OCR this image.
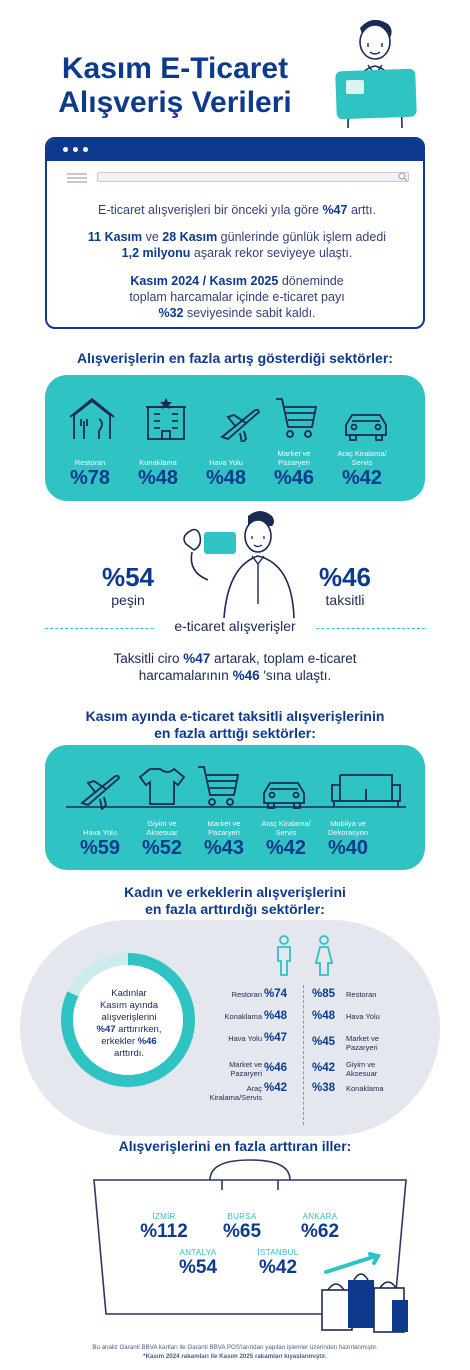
Kasım E-Ticaret
Alışveriş Verileri
E-ticaret alışverişleri bir önceki yıla göre %47 arttı.
11 Kasım ve 28 Kasım günlerinde günlük işlem adedi
1,2 milyonu aşarak rekor seviyeye ulaştı.
Kasım 2024 / Kasım 2025 döneminde
toplam harcamalar içinde e-ticaret payı
%32 seviyesinde sabit kaldı.
Alışverişlerin en fazla artış gösterdiği sektörler:
Restoran
%78
Konaklama
%48
Hava Yolu
%48
Market ve
Pazaryeri
%46
Araç Kiralama/
Servis
%42
%54
peşin
%46
taksitli
e-ticaret alışverişler
Taksitli ciro %47 artarak, toplam e-ticaret
harcamalarının %46 'sına ulaştı.
Kasım ayında e-ticaret taksitli alışverişlerinin
en fazla arttığı sektörler:
Hava Yolu
%59
Giyim ve
Aksesuar
%52
Market ve
Pazaryeri
%43
Araç Kiralama/
Servis
%42
Mobilya ve
Dekorasyon
%40
Kadın ve erkeklerin alışverişlerini
en fazla arttırdığı sektörler:
Kadınlar
Kasım ayında
alışverişlerini
%47 arttırırken,
erkekler %46
arttırdı.
Restoran %74
Konaklama %48
Hava Yolu %47
Market ve
Pazaryeri %46
Araç Kiralama/Servis
%42
%85	Restoran
%48	Hava Yolu
%45	Market ve
Pazaryeri
%42	Giyim ve
Aksesuar
%38	Konaklama
Alışverişlerini en fazla arttıran iller:
İZMİR
%112
BURSA
%65
ANKARA
%62
ANTALYA
%54
İSTANBUL
%42
Bu analiz Garanti BBVA kartları ile Garanti BBVA POS'larından yapılan işlemler üzerinden hazırlanmıştır.
*Kasım 2024 rakamları ile Kasım 2025 rakamları kıyaslanmıştır.
